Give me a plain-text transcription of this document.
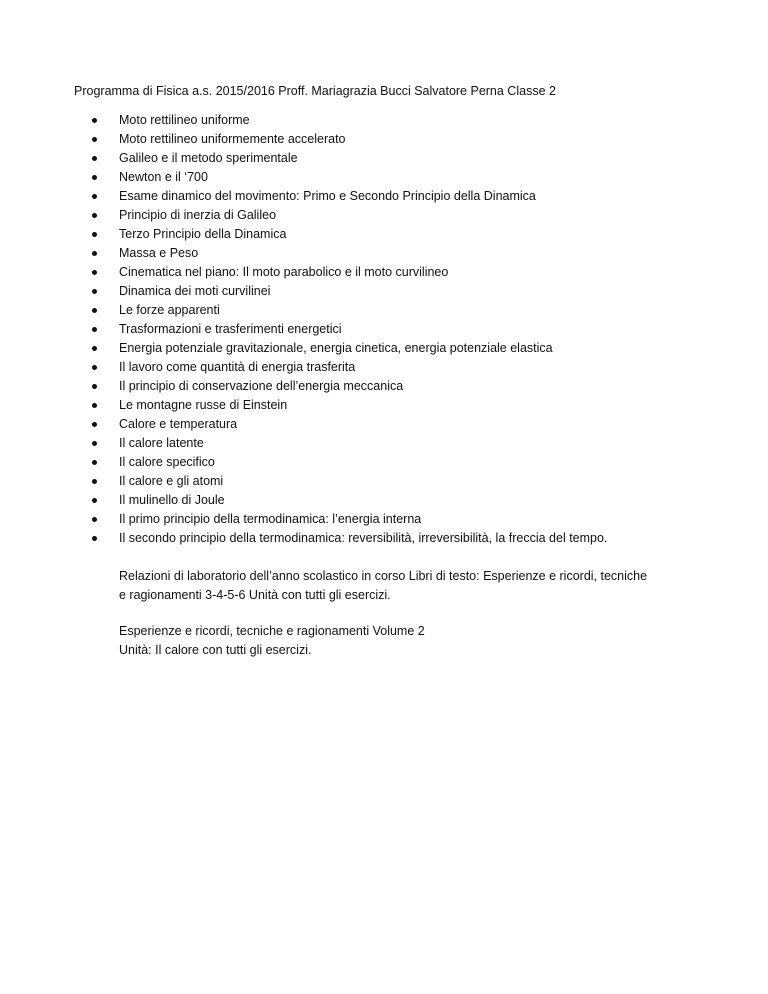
Programma di Fisica a.s. 2015/2016 Proff. Mariagrazia Bucci Salvatore Perna Classe 2
Moto rettilineo uniforme
Moto rettilineo uniformemente accelerato
Galileo e il metodo sperimentale
Newton e il ‘700
Esame dinamico del movimento: Primo e Secondo Principio della Dinamica
Principio di inerzia di Galileo
Terzo Principio della Dinamica
Massa e Peso
Cinematica nel piano: Il moto parabolico e il moto curvilineo
Dinamica dei moti curvilinei
Le forze apparenti
Trasformazioni e trasferimenti energetici
Energia potenziale gravitazionale, energia cinetica, energia potenziale elastica
Il lavoro come quantità di energia trasferita
Il principio di conservazione dell’energia meccanica
Le montagne russe di Einstein
Calore e temperatura
Il calore latente
Il calore specifico
Il calore e gli atomi
Il mulinello di Joule
Il primo principio della termodinamica: l’energia interna
Il secondo principio della termodinamica: reversibilità, irreversibilità, la freccia del tempo.

Relazioni di laboratorio dell’anno scolastico in corso Libri di testo: Esperienze e ricordi, tecniche
e ragionamenti 3-4-5-6 Unità con tutti gli esercizi.

Esperienze e ricordi, tecniche e ragionamenti Volume 2
Unità: Il calore con tutti gli esercizi.
